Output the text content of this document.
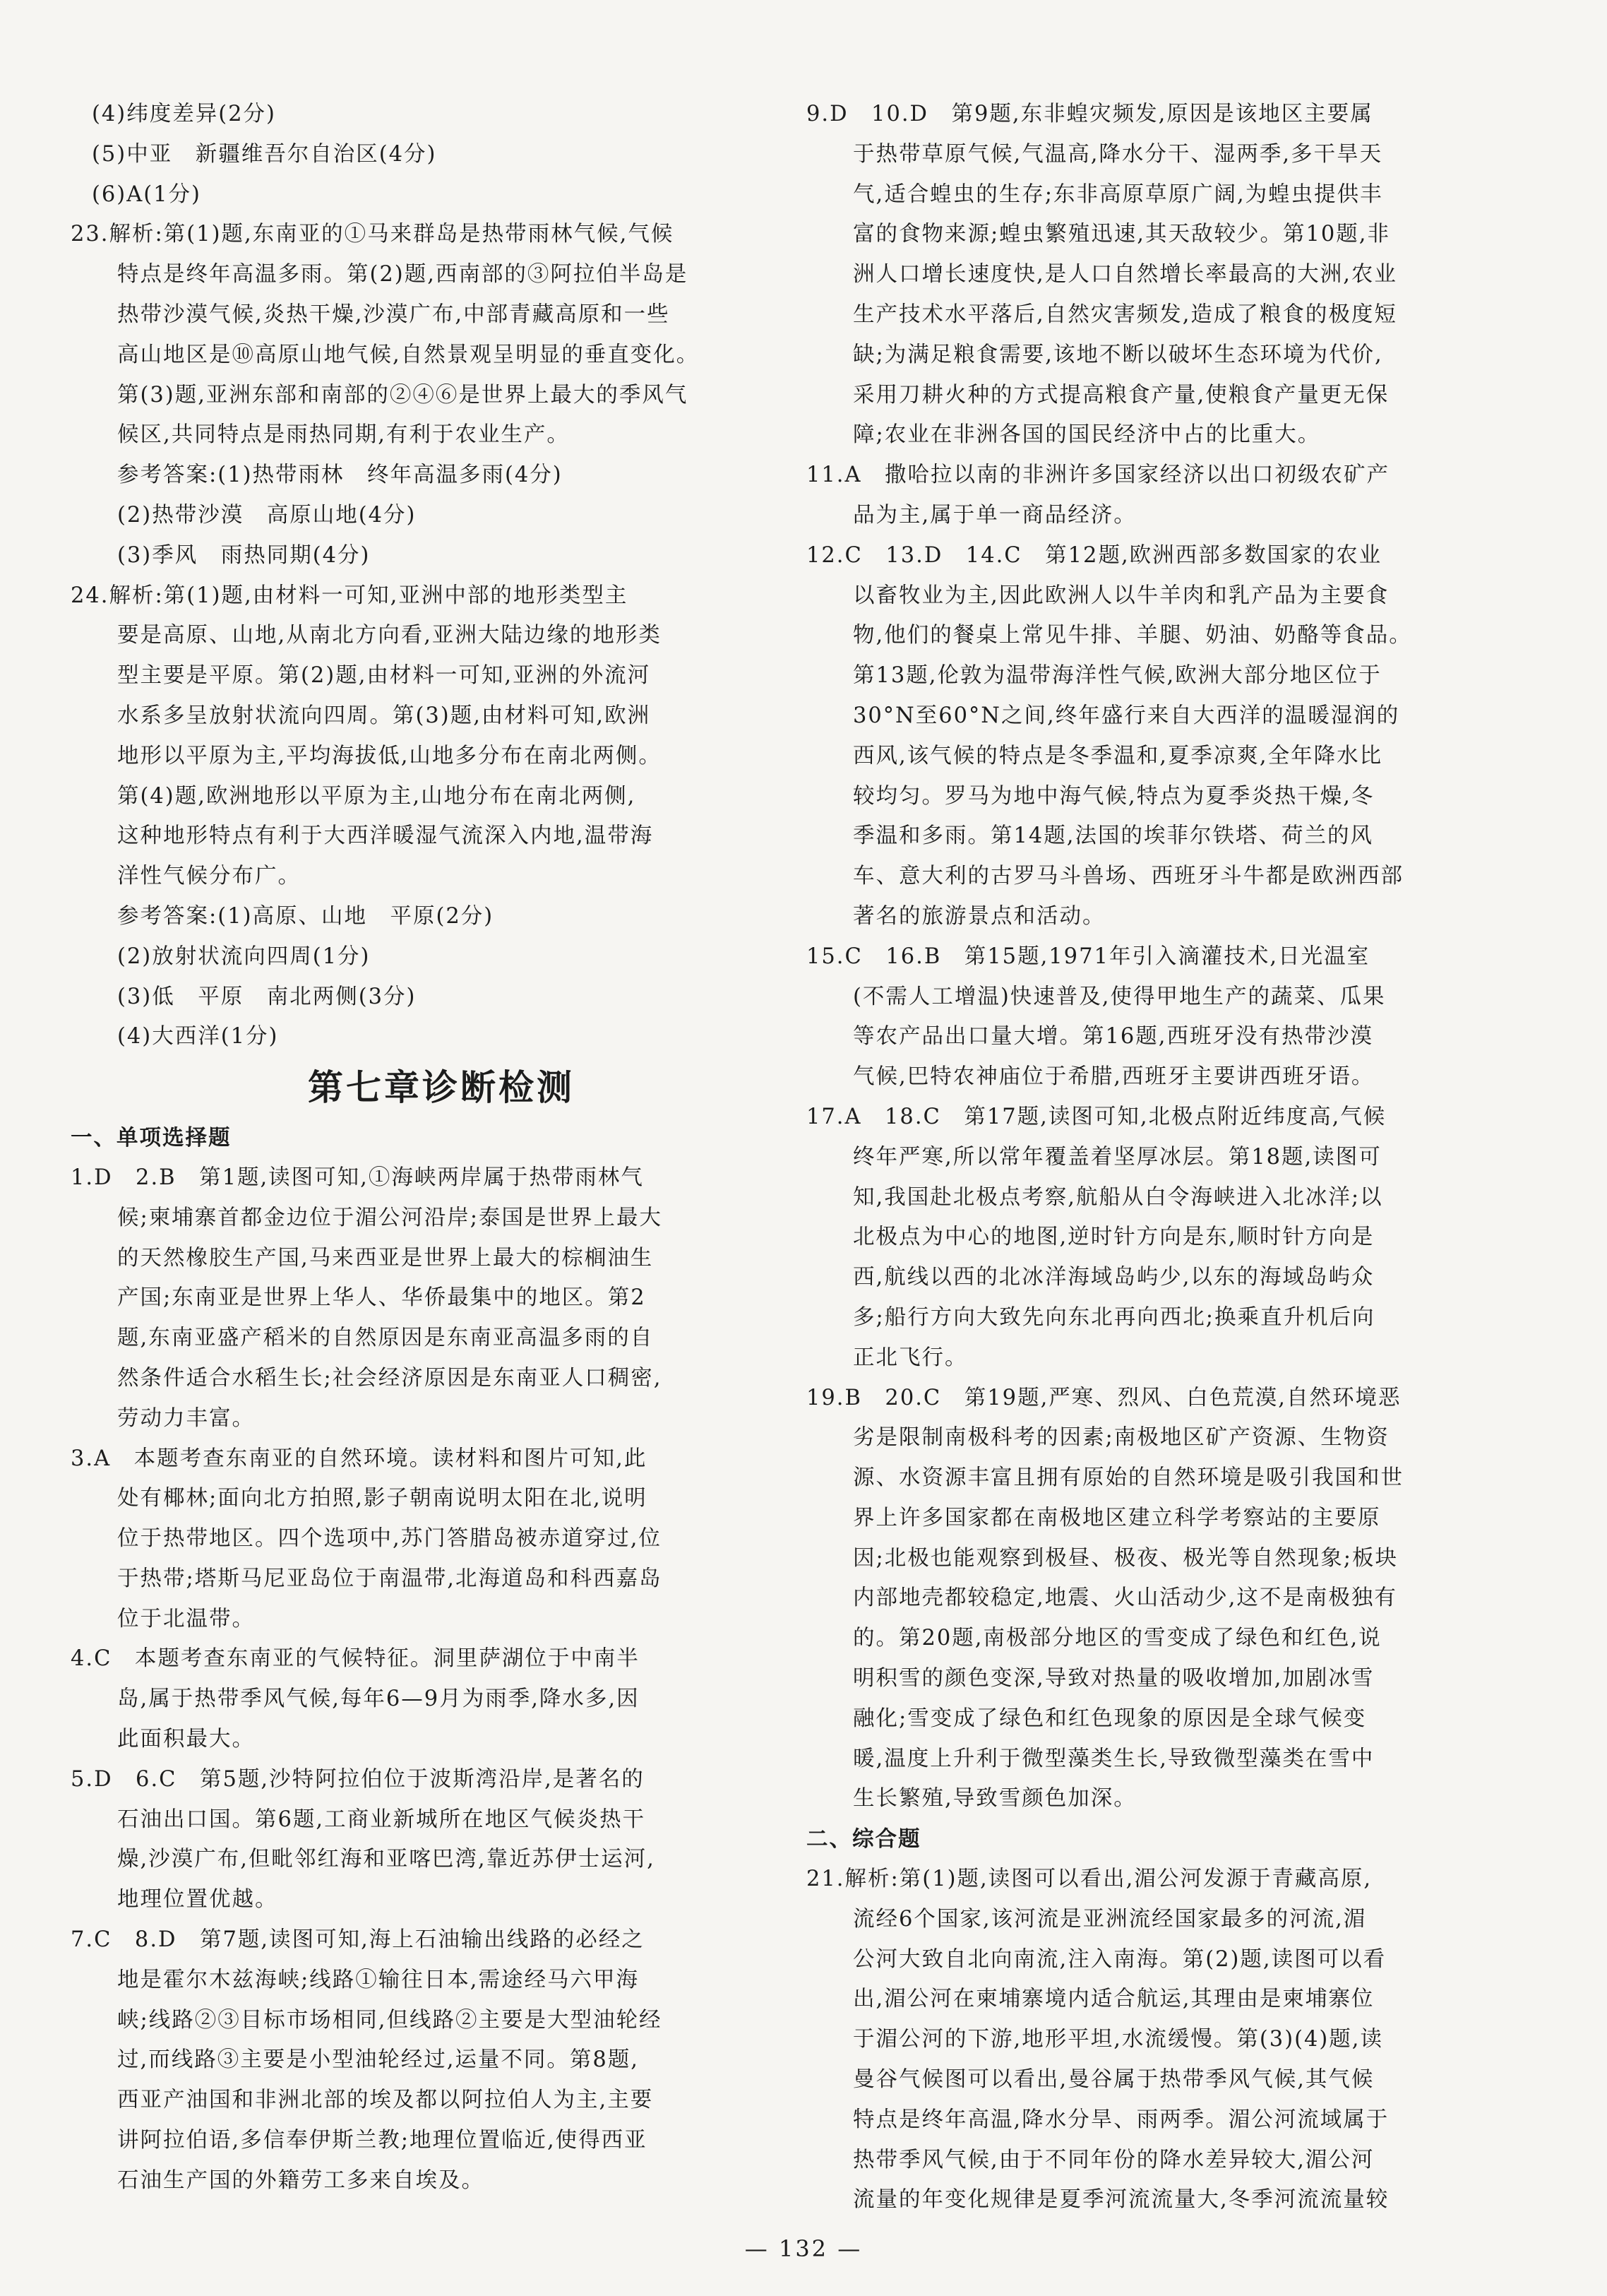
(4)纬度差异(2分)
(5)中亚　新疆维吾尔自治区(4分)
(6)A(1分)
23.解析:第(1)题,东南亚的①马来群岛是热带雨林气候,气候
特点是终年高温多雨。第(2)题,西南部的③阿拉伯半岛是
热带沙漠气候,炎热干燥,沙漠广布,中部青藏高原和一些
高山地区是⑩高原山地气候,自然景观呈明显的垂直变化。
第(3)题,亚洲东部和南部的②④⑥是世界上最大的季风气
候区,共同特点是雨热同期,有利于农业生产。
参考答案:(1)热带雨林　终年高温多雨(4分)
(2)热带沙漠　高原山地(4分)
(3)季风　雨热同期(4分)
24.解析:第(1)题,由材料一可知,亚洲中部的地形类型主
要是高原、山地,从南北方向看,亚洲大陆边缘的地形类
型主要是平原。第(2)题,由材料一可知,亚洲的外流河
水系多呈放射状流向四周。第(3)题,由材料可知,欧洲
地形以平原为主,平均海拔低,山地多分布在南北两侧。
第(4)题,欧洲地形以平原为主,山地分布在南北两侧,
这种地形特点有利于大西洋暖湿气流深入内地,温带海
洋性气候分布广。
参考答案:(1)高原、山地　平原(2分)
(2)放射状流向四周(1分)
(3)低　平原　南北两侧(3分)
(4)大西洋(1分)
第七章诊断检测
一、单项选择题
1.D　2.B　第1题,读图可知,①海峡两岸属于热带雨林气
候;柬埔寨首都金边位于湄公河沿岸;泰国是世界上最大
的天然橡胶生产国,马来西亚是世界上最大的棕榈油生
产国;东南亚是世界上华人、华侨最集中的地区。第2
题,东南亚盛产稻米的自然原因是东南亚高温多雨的自
然条件适合水稻生长;社会经济原因是东南亚人口稠密,
劳动力丰富。
3.A　本题考查东南亚的自然环境。读材料和图片可知,此
处有椰林;面向北方拍照,影子朝南说明太阳在北,说明
位于热带地区。四个选项中,苏门答腊岛被赤道穿过,位
于热带;塔斯马尼亚岛位于南温带,北海道岛和科西嘉岛
位于北温带。
4.C　本题考查东南亚的气候特征。洞里萨湖位于中南半
岛,属于热带季风气候,每年6—9月为雨季,降水多,因
此面积最大。
5.D　6.C　第5题,沙特阿拉伯位于波斯湾沿岸,是著名的
石油出口国。第6题,工商业新城所在地区气候炎热干
燥,沙漠广布,但毗邻红海和亚喀巴湾,靠近苏伊士运河,
地理位置优越。
7.C　8.D　第7题,读图可知,海上石油输出线路的必经之
地是霍尔木兹海峡;线路①输往日本,需途经马六甲海
峡;线路②③目标市场相同,但线路②主要是大型油轮经
过,而线路③主要是小型油轮经过,运量不同。第8题,
西亚产油国和非洲北部的埃及都以阿拉伯人为主,主要
讲阿拉伯语,多信奉伊斯兰教;地理位置临近,使得西亚
石油生产国的外籍劳工多来自埃及。
9.D　10.D　第9题,东非蝗灾频发,原因是该地区主要属
于热带草原气候,气温高,降水分干、湿两季,多干旱天
气,适合蝗虫的生存;东非高原草原广阔,为蝗虫提供丰
富的食物来源;蝗虫繁殖迅速,其天敌较少。第10题,非
洲人口增长速度快,是人口自然增长率最高的大洲,农业
生产技术水平落后,自然灾害频发,造成了粮食的极度短
缺;为满足粮食需要,该地不断以破坏生态环境为代价,
采用刀耕火种的方式提高粮食产量,使粮食产量更无保
障;农业在非洲各国的国民经济中占的比重大。
11.A　撒哈拉以南的非洲许多国家经济以出口初级农矿产
品为主,属于单一商品经济。
12.C　13.D　14.C　第12题,欧洲西部多数国家的农业
以畜牧业为主,因此欧洲人以牛羊肉和乳产品为主要食
物,他们的餐桌上常见牛排、羊腿、奶油、奶酪等食品。
第13题,伦敦为温带海洋性气候,欧洲大部分地区位于
30°N至60°N之间,终年盛行来自大西洋的温暖湿润的
西风,该气候的特点是冬季温和,夏季凉爽,全年降水比
较均匀。罗马为地中海气候,特点为夏季炎热干燥,冬
季温和多雨。第14题,法国的埃菲尔铁塔、荷兰的风
车、意大利的古罗马斗兽场、西班牙斗牛都是欧洲西部
著名的旅游景点和活动。
15.C　16.B　第15题,1971年引入滴灌技术,日光温室
(不需人工增温)快速普及,使得甲地生产的蔬菜、瓜果
等农产品出口量大增。第16题,西班牙没有热带沙漠
气候,巴特农神庙位于希腊,西班牙主要讲西班牙语。
17.A　18.C　第17题,读图可知,北极点附近纬度高,气候
终年严寒,所以常年覆盖着坚厚冰层。第18题,读图可
知,我国赴北极点考察,航船从白令海峡进入北冰洋;以
北极点为中心的地图,逆时针方向是东,顺时针方向是
西,航线以西的北冰洋海域岛屿少,以东的海域岛屿众
多;船行方向大致先向东北再向西北;换乘直升机后向
正北飞行。
19.B　20.C　第19题,严寒、烈风、白色荒漠,自然环境恶
劣是限制南极科考的因素;南极地区矿产资源、生物资
源、水资源丰富且拥有原始的自然环境是吸引我国和世
界上许多国家都在南极地区建立科学考察站的主要原
因;北极也能观察到极昼、极夜、极光等自然现象;板块
内部地壳都较稳定,地震、火山活动少,这不是南极独有
的。第20题,南极部分地区的雪变成了绿色和红色,说
明积雪的颜色变深,导致对热量的吸收增加,加剧冰雪
融化;雪变成了绿色和红色现象的原因是全球气候变
暖,温度上升利于微型藻类生长,导致微型藻类在雪中
生长繁殖,导致雪颜色加深。
二、综合题
21.解析:第(1)题,读图可以看出,湄公河发源于青藏高原,
流经6个国家,该河流是亚洲流经国家最多的河流,湄
公河大致自北向南流,注入南海。第(2)题,读图可以看
出,湄公河在柬埔寨境内适合航运,其理由是柬埔寨位
于湄公河的下游,地形平坦,水流缓慢。第(3)(4)题,读
曼谷气候图可以看出,曼谷属于热带季风气候,其气候
特点是终年高温,降水分旱、雨两季。湄公河流域属于
热带季风气候,由于不同年份的降水差异较大,湄公河
流量的年变化规律是夏季河流流量大,冬季河流流量较
— 132 —
